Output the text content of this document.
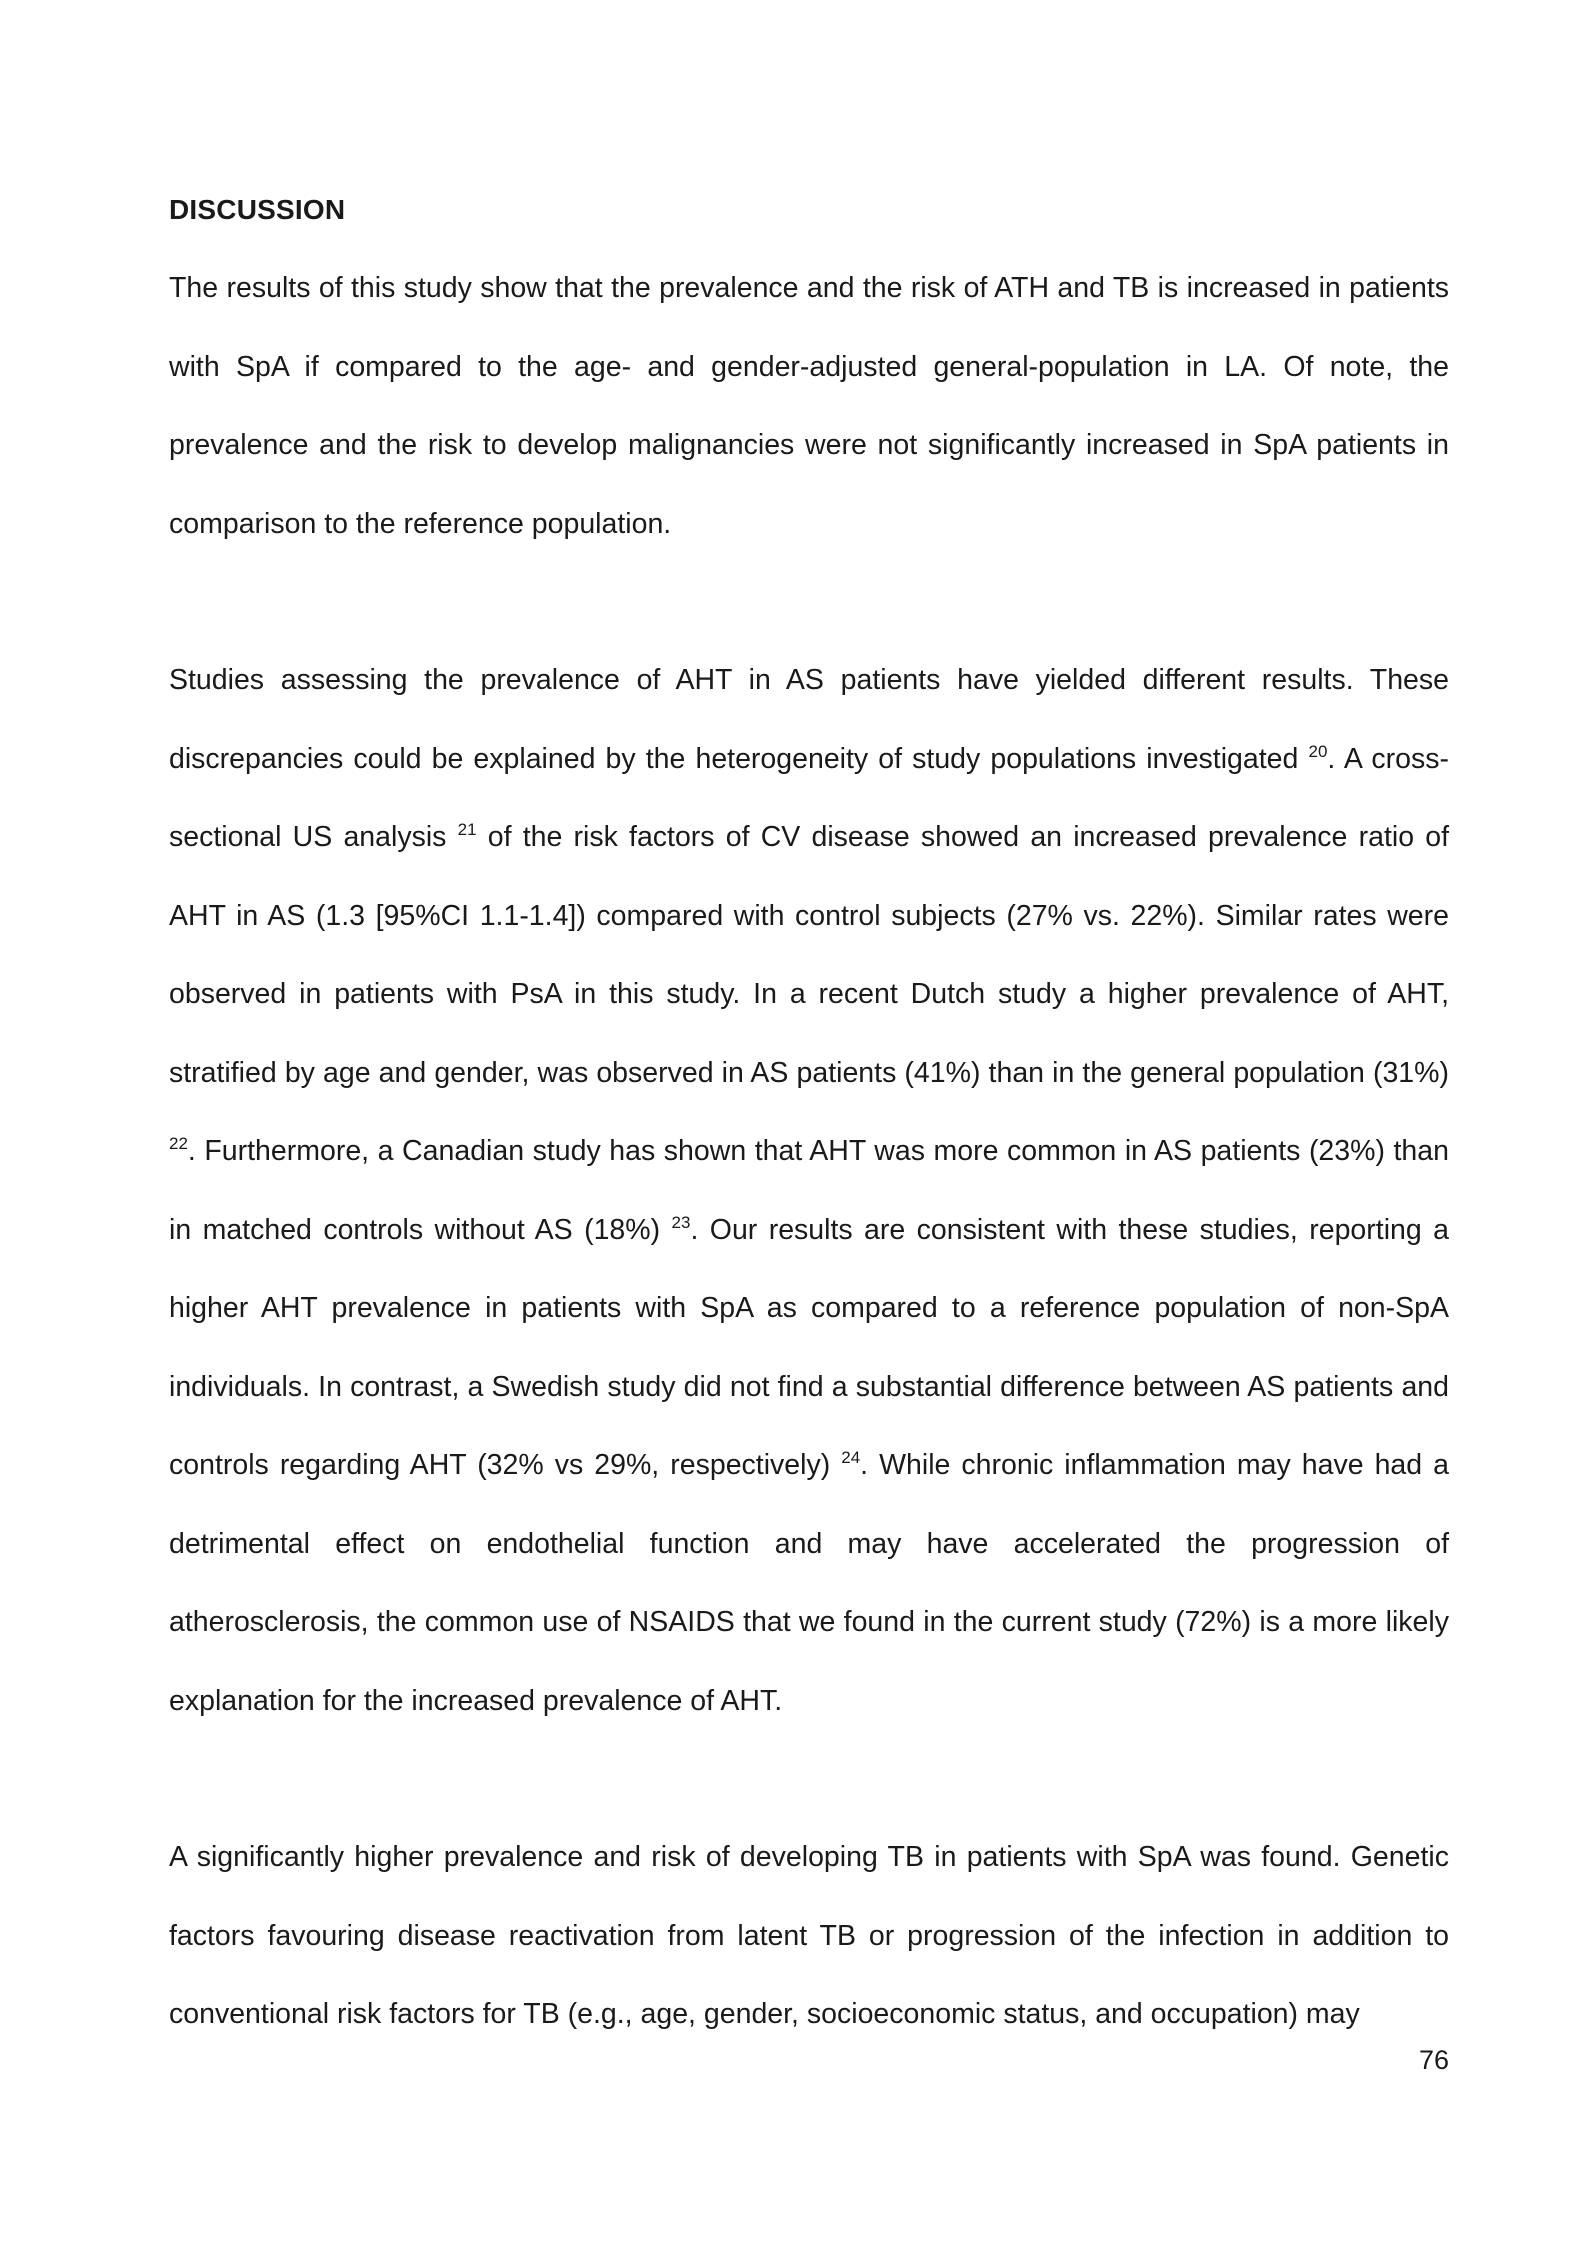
DISCUSSION

The results of this study show that the prevalence and the risk of ATH and TB is increased in patients with SpA if compared to the age- and gender-adjusted general-population in LA. Of note, the prevalence and the risk to develop malignancies were not significantly increased in SpA patients in comparison to the reference population.

Studies assessing the prevalence of AHT in AS patients have yielded different results. These discrepancies could be explained by the heterogeneity of study populations investigated $^{20}$. A cross-sectional US analysis $^{21}$ of the risk factors of CV disease showed an increased prevalence ratio of AHT in AS (1.3 [95%CI 1.1-1.4]) compared with control subjects (27% vs. 22%). Similar rates were observed in patients with PsA in this study. In a recent Dutch study a higher prevalence of AHT, stratified by age and gender, was observed in AS patients (41%) than in the general population (31%) $^{22}$. Furthermore, a Canadian study has shown that AHT was more common in AS patients (23%) than in matched controls without AS (18%) $^{23}$. Our results are consistent with these studies, reporting a higher AHT prevalence in patients with SpA as compared to a reference population of non-SpA individuals. In contrast, a Swedish study did not find a substantial difference between AS patients and controls regarding AHT (32% vs 29%, respectively) $^{24}$. While chronic inflammation may have had a detrimental effect on endothelial function and may have accelerated the progression of atherosclerosis, the common use of NSAIDS that we found in the current study (72%) is a more likely explanation for the increased prevalence of AHT.

A significantly higher prevalence and risk of developing TB in patients with SpA was found. Genetic factors favouring disease reactivation from latent TB or progression of the infection in addition to conventional risk factors for TB (e.g., age, gender, socioeconomic status, and occupation) may

76
